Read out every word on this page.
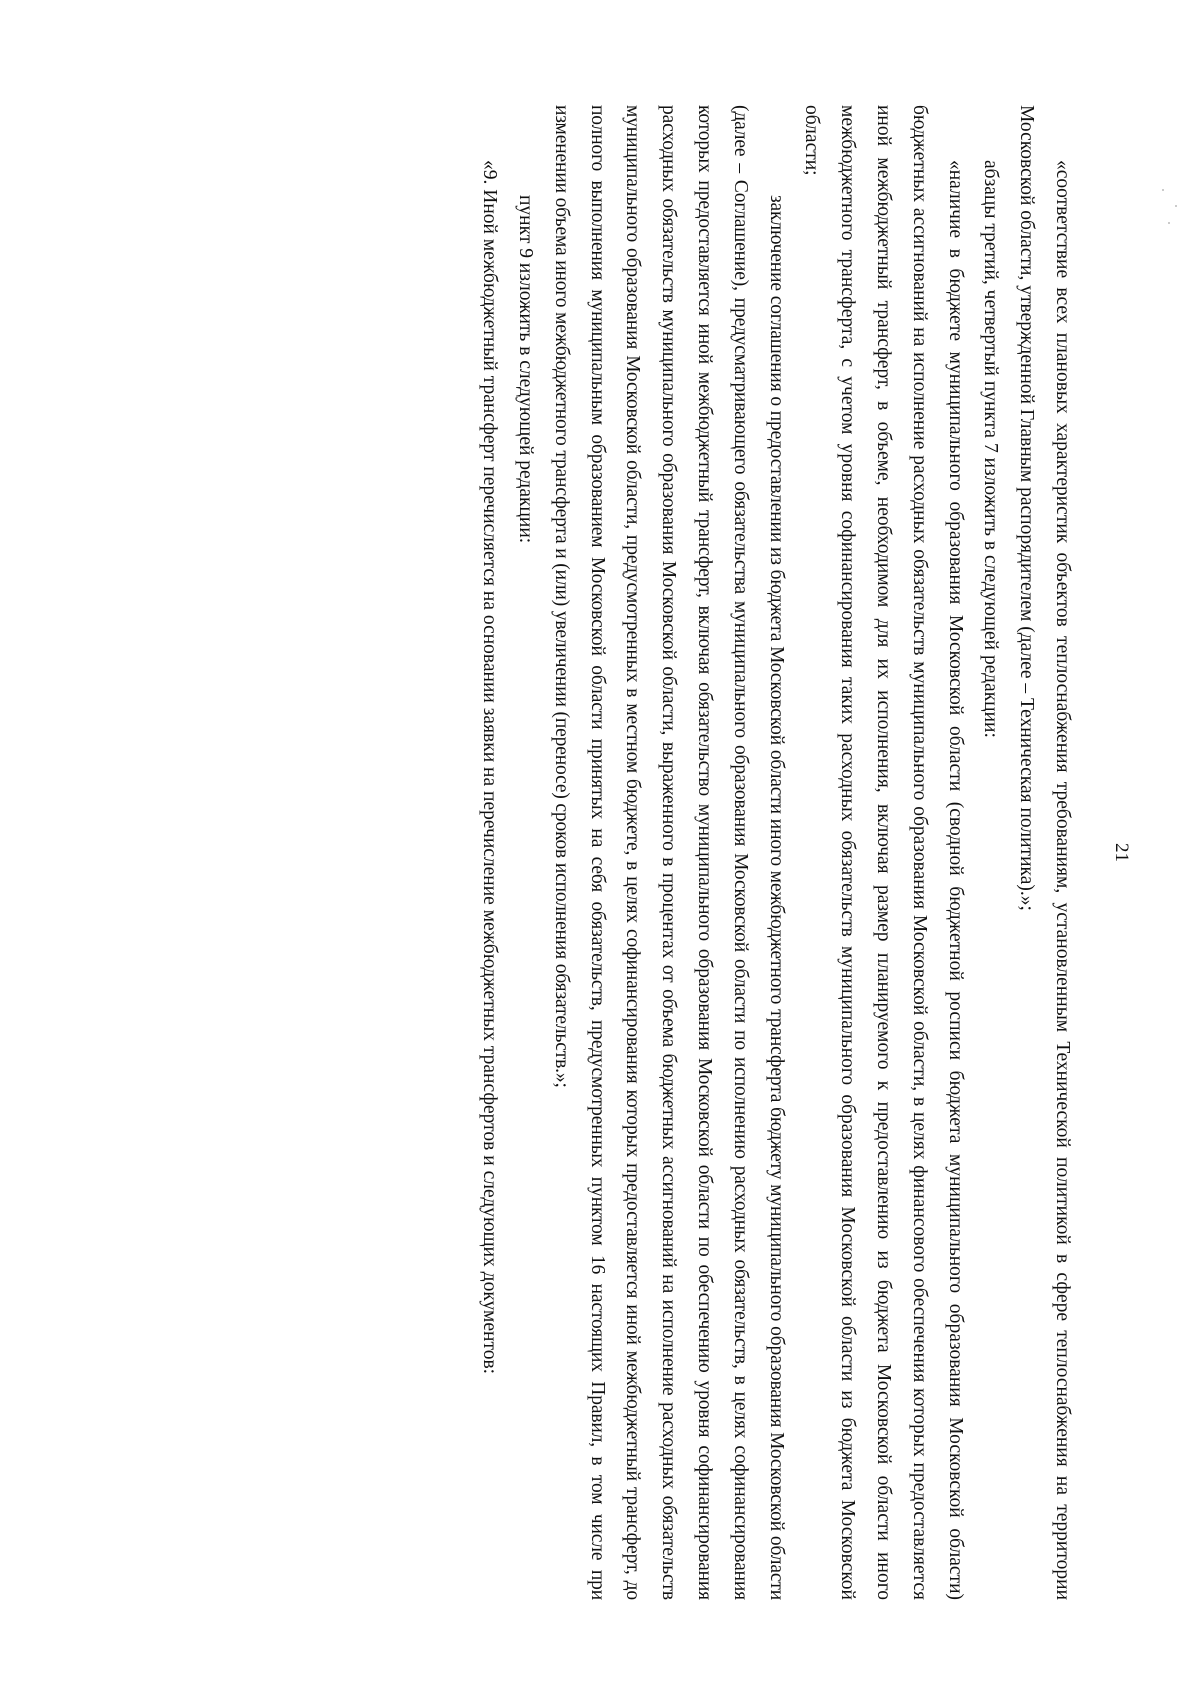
21

«соответствие всех плановых характеристик объектов теплоснабжения требованиям, установленным Технической политикой в сфере теплоснабжения на территории Московской области, утвержденной Главным распорядителем (далее – Техническая политика).»;

абзацы третий, четвертый пункта 7 изложить в следующей редакции:

«наличие в бюджете муниципального образования Московской области (сводной бюджетной росписи бюджета муниципального образования Московской области) бюджетных ассигнований на исполнение расходных обязательств муниципального образования Московской области, в целях финансового обеспечения которых предоставляется иной межбюджетный трансферт, в объеме, необходимом для их исполнения, включая размер планируемого к предоставлению из бюджета Московской области иного межбюджетного трансферта, с учетом уровня софинансирования таких расходных обязательств муниципального образования Московской области из бюджета Московской области;

заключение соглашения о предоставлении из бюджета Московской области иного межбюджетного трансферта бюджету муниципального образования Московской области (далее – Соглашение), предусматривающего обязательства муниципального образования Московской области по исполнению расходных обязательств, в целях софинансирования которых предоставляется иной межбюджетный трансферт, включая обязательство муниципального образования Московской области по обеспечению уровня софинансирования расходных обязательств муниципального образования Московской области, выраженного в процентах от объема бюджетных ассигнований на исполнение расходных обязательств муниципального образования Московской области, предусмотренных в местном бюджете, в целях софинансирования которых предоставляется иной межбюджетный трансферт, до полного выполнения муниципальным образованием Московской области принятых на себя обязательств, предусмотренных пунктом 16 настоящих Правил, в том числе при изменении объема иного межбюджетного трансферта и (или) увеличении (переносе) сроков исполнения обязательств.»;

пункт 9 изложить в следующей редакции:

«9. Иной межбюджетный трансферт перечисляется на основании заявки на перечисление межбюджетных трансфертов и следующих документов:
